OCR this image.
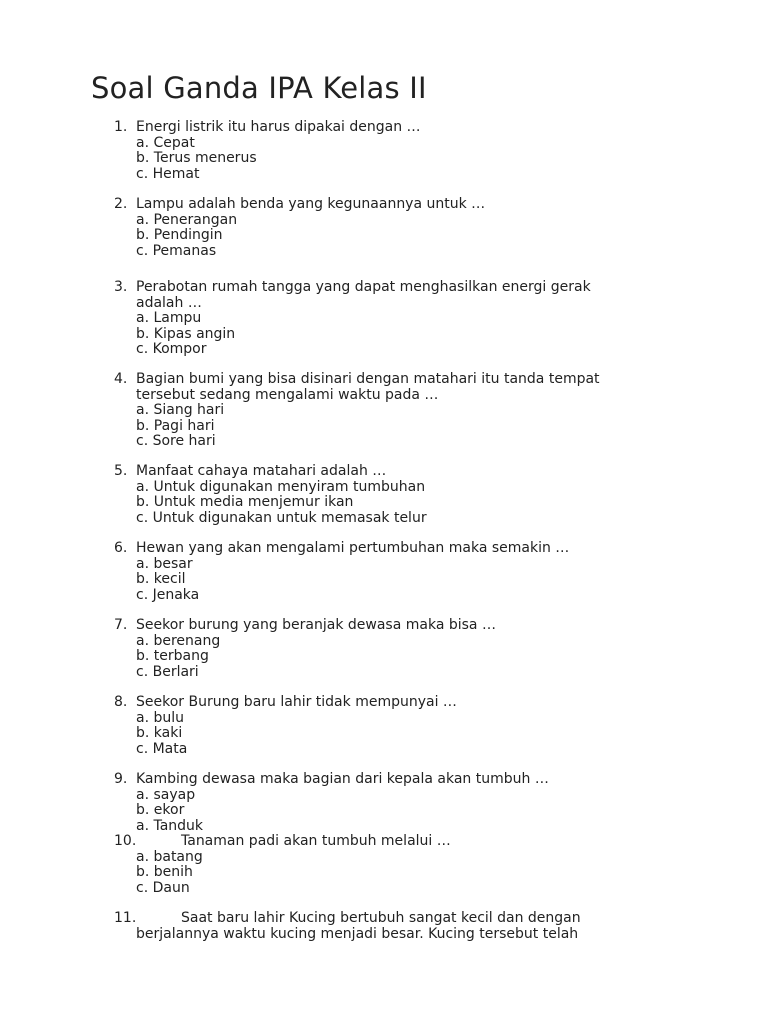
Soal Ganda IPA Kelas II
1. Energi listrik itu harus dipakai dengan …
a. Cepat
b. Terus menerus
c. Hemat
2. Lampu adalah benda yang kegunaannya untuk …
a. Penerangan
b. Pendingin
c. Pemanas
3. Perabotan rumah tangga yang dapat menghasilkan energi gerak
adalah …
a. Lampu
b. Kipas angin
c. Kompor
4. Bagian bumi yang bisa disinari dengan matahari itu tanda tempat
tersebut sedang mengalami waktu pada …
a. Siang hari
b. Pagi hari
c. Sore hari
5. Manfaat cahaya matahari adalah …
a. Untuk digunakan menyiram tumbuhan
b. Untuk media menjemur ikan
c. Untuk digunakan untuk memasak telur
6. Hewan yang akan mengalami pertumbuhan maka semakin …
a. besar
b. kecil
c. Jenaka
7. Seekor burung yang beranjak dewasa maka bisa …
a. berenang
b. terbang
c. Berlari
8. Seekor Burung baru lahir tidak mempunyai …
a. bulu
b. kaki
c. Mata
9. Kambing dewasa maka bagian dari kepala akan tumbuh …
a. sayap
b. ekor
a. Tanduk
10.	Tanaman padi akan tumbuh melalui …
a. batang
b. benih
c. Daun
11.	Saat baru lahir Kucing bertubuh sangat kecil dan dengan
berjalannya waktu kucing menjadi besar. Kucing tersebut telah
